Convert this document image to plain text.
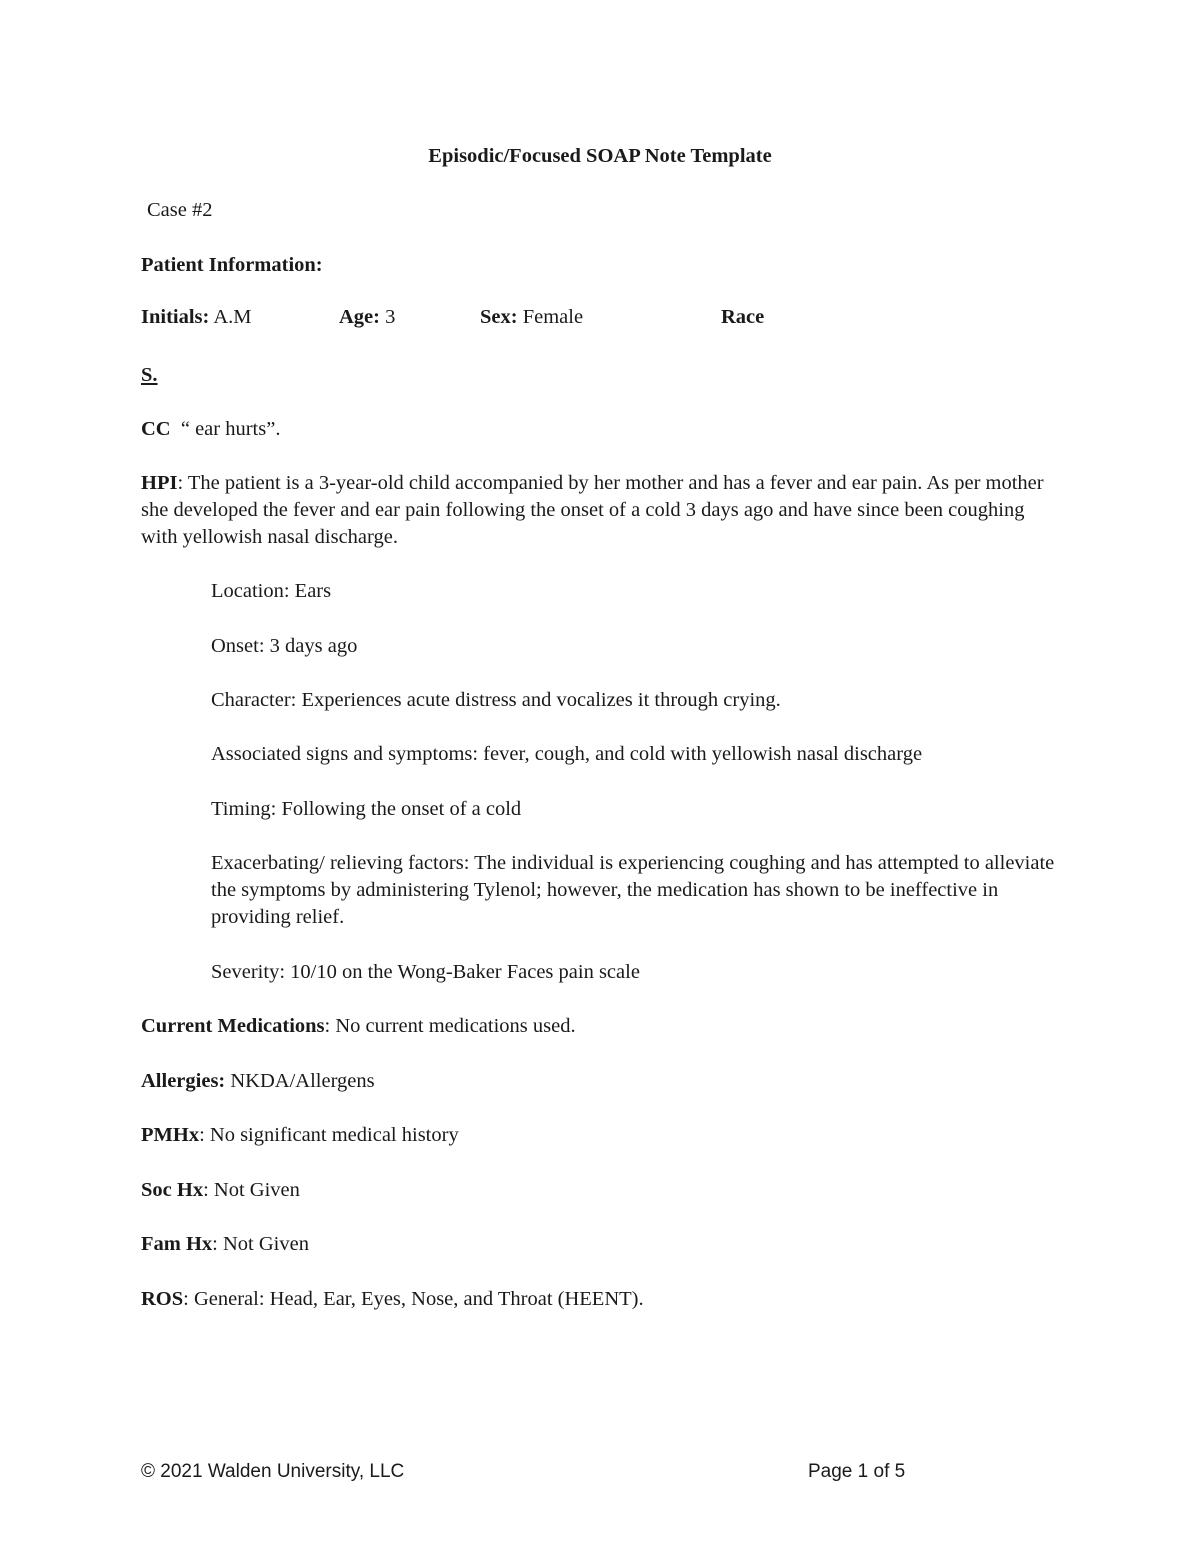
Episodic/Focused SOAP Note Template
Case #2
Patient Information:
Initials: A.M	Age: 3	Sex: Female	Race
S.
CC “ ear hurts”.
HPI: The patient is a 3-year-old child accompanied by her mother and has a fever and ear pain. As per mother she developed the fever and ear pain following the onset of a cold 3 days ago and have since been coughing with yellowish nasal discharge.
Location: Ears
Onset: 3 days ago
Character: Experiences acute distress and vocalizes it through crying.
Associated signs and symptoms: fever, cough, and cold with yellowish nasal discharge
Timing: Following the onset of a cold
Exacerbating/ relieving factors: The individual is experiencing coughing and has attempted to alleviate the symptoms by administering Tylenol; however, the medication has shown to be ineffective in providing relief.
Severity: 10/10 on the Wong-Baker Faces pain scale
Current Medications: No current medications used.
Allergies: NKDA/Allergens
PMHx: No significant medical history
Soc Hx: Not Given
Fam Hx: Not Given
ROS: General: Head, Ear, Eyes, Nose, and Throat (HEENT).
© 2021 Walden University, LLC	Page 1 of 5
